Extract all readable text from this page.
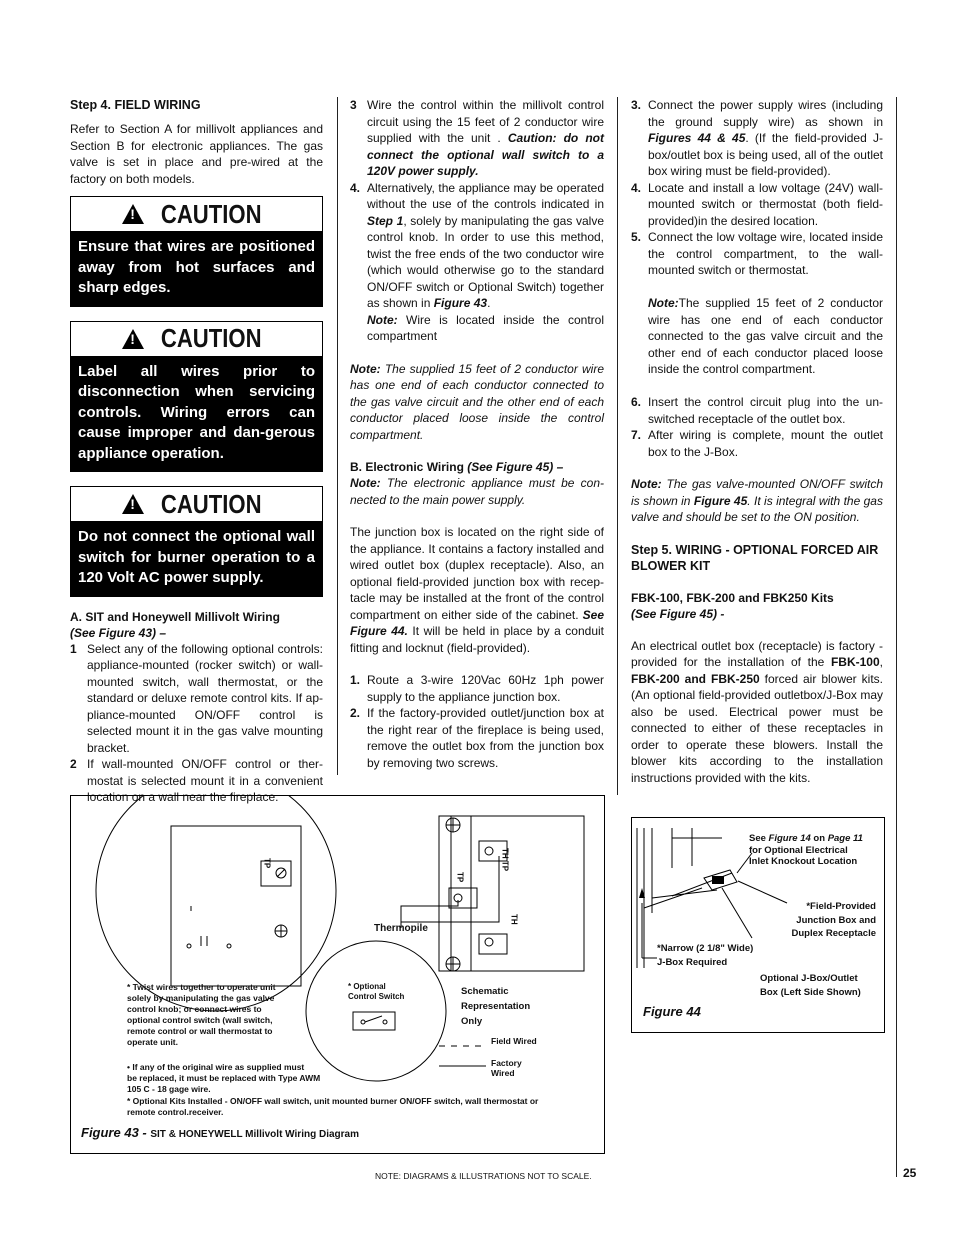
Step 4. FIELD WIRING

Refer to Section A for millivolt appliances and Section B for electronic appliances. The gas valve is set in place and pre-wired at the factory on both models.

!
CAUTION
Ensure that wires are positioned away from hot surfaces and sharp edges.
!
CAUTION
Label all wires prior to disconnection when servicing controls. Wiring errors can cause improper and dan-gerous appliance operation.
!
CAUTION
Do not connect the optional wall switch for burner operation to a 120 Volt AC power supply.
A. SIT and Honeywell Millivolt Wiring
(See Figure 43) –
1 Select any of the following optional controls: appliance-mounted (rocker switch) or wall-mounted switch, wall thermostat, or the standard or deluxe remote control kits. If ap-pliance-mounted ON/OFF control is selected mount it in the gas valve mounting bracket.
2 If wall-mounted ON/OFF control or ther-mostat is selected mount it in a convenient location on a wall near the fireplace.
3 Wire the control within the millivolt control circuit using the 15 feet of 2 conductor wire supplied with the unit . Caution: do not connect the optional wall switch to a 120V power supply.
4. Alternatively, the appliance may be operated without the use of the controls indicated in Step 1, solely by manipulating the gas valve control knob. In order to use this method, twist the free ends of the two conductor wire (which would otherwise go to the standard ON/OFF switch or Optional Switch) together as shown in Figure 43.
Note: Wire is located inside the control compartment

Note: The supplied 15 feet of 2 conductor wire has one end of each conductor connected to the gas valve circuit and the other end of each conductor placed loose inside the control compartment.

B. Electronic Wiring (See Figure 45) –

Note: The electronic appliance must be con-nected to the main power supply.

The junction box is located on the right side of the appliance. It contains a factory installed and wired outlet box (duplex receptacle). Also, an optional field-provided junction box with recep-tacle may be installed at the front of the control compartment on either side of the cabinet. See Figure 44. It will be held in place by a conduit fitting and locknut (field-provided).

1. Route a 3-wire 120Vac 60Hz 1ph power supply to the appliance junction box.
2. If the factory-provided outlet/junction box at the right rear of the fireplace is being used, remove the outlet box from the junction box by removing two screws.
3. Connect the power supply wires (including the ground supply wire) as shown in Figures 44 & 45. (If the field-provided J-box/outlet box is being used, all of the outlet box wiring must be field-provided).
4. Locate and install a low voltage (24V) wall-mounted switch or thermostat (both field-provided)in the desired location.
5. Connect the low voltage wire, located inside the control compartment, to the wall-mounted switch or thermostat.

Note:The supplied 15 feet of 2 conductor wire has one end of each conductor connected to the gas valve circuit and the other end of each conductor placed loose inside the control compartment.

6. Insert the control circuit plug into the un-switched receptacle of the outlet box.
7. After wiring is complete, mount the outlet box to the J-Box.

Note: The gas valve-mounted ON/OFF switch is shown in Figure 45. It is integral with the gas valve and should be set to the ON position.

Step 5. WIRING - OPTIONAL FORCED AIR BLOWER KIT
FBK-100, FBK-200 and FBK250 Kits
(See Figure 45) -

An electrical outlet box (receptacle) is factory -provided for the installation of the FBK-100, FBK-200 and FBK-250 forced air blower kits. (An optional field-provided outletbox/J-Box may also be used. Electrical power must be connected to either of these receptacles in order to operate these blowers. Install the blower kits according to the installation instructions provided with the kits.

TP	TH TP
TP
TH
Thermopile
* Optional
Control Switch	Schematic
Representation
Only
Field Wired
Factory
Wired
* Twist wires together to operate unit
solely by manipulating the gas valve
control knob; or connect wires to
optional control switch (wall switch,
remote control or wall thermostat to
operate unit.
• If any of the original wire as supplied must
be replaced, it must be replaced with Type AWM
105 C - 18 gage wire.
* Optional Kits Installed - ON/OFF wall switch, unit mounted burner ON/OFF switch, wall thermostat or
remote control.receiver.
Figure 43 - SIT & HONEYWELL Millivolt Wiring Diagram
See Figure 14 on Page 11
for Optional Electrical
Inlet Knockout Location
*Field-Provided
Junction Box and
Duplex Receptacle
*Narrow (2 1/8" Wide)
J-Box Required
Optional J-Box/Outlet
Box (Left Side Shown)
Figure 44
NOTE: DIAGRAMS & ILLUSTRATIONS NOT TO SCALE.	25
